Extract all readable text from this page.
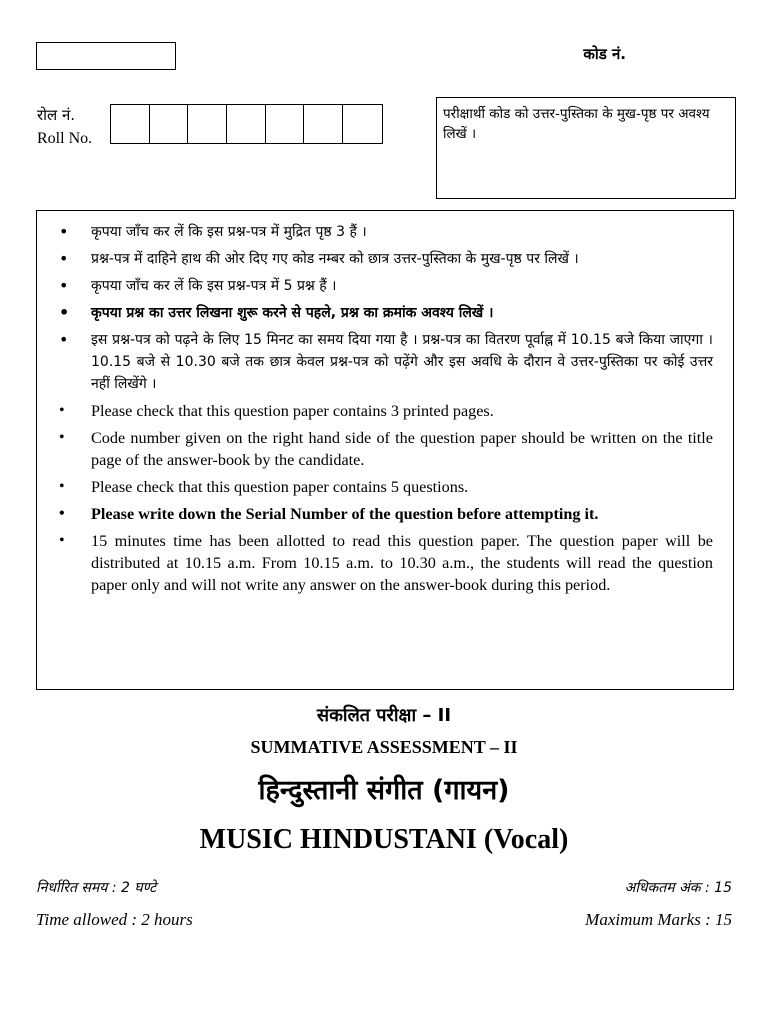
कोड नं.
रोल नं.
Roll No.
परीक्षार्थी कोड को उत्तर-पुस्तिका के मुख-पृष्ठ पर अवश्य लिखें ।
• कृपया जाँच कर लें कि इस प्रश्न-पत्र में मुद्रित पृष्ठ 3 हैं ।
• प्रश्न-पत्र में दाहिने हाथ की ओर दिए गए कोड नम्बर को छात्र उत्तर-पुस्तिका के मुख-पृष्ठ पर लिखें ।
• कृपया जाँच कर लें कि इस प्रश्न-पत्र में 5 प्रश्न हैं ।
• कृपया प्रश्न का उत्तर लिखना शुरू करने से पहले, प्रश्न का क्रमांक अवश्य लिखें ।
• इस प्रश्न-पत्र को पढ़ने के लिए 15 मिनट का समय दिया गया है । प्रश्न-पत्र का वितरण पूर्वाह्न में 10.15 बजे किया जाएगा । 10.15 बजे से 10.30 बजे तक छात्र केवल प्रश्न-पत्र को पढ़ेंगे और इस अवधि के दौरान वे उत्तर-पुस्तिका पर कोई उत्तर नहीं लिखेंगे ।
• Please check that this question paper contains 3 printed pages.
• Code number given on the right hand side of the question paper should be written on the title page of the answer-book by the candidate.
• Please check that this question paper contains 5 questions.
• Please write down the Serial Number of the question before attempting it.
• 15 minutes time has been allotted to read this question paper. The question paper will be distributed at 10.15 a.m. From 10.15 a.m. to 10.30 a.m., the students will read the question paper only and will not write any answer on the answer-book during this period.
संकलित परीक्षा – II
SUMMATIVE ASSESSMENT – II
हिन्दुस्तानी संगीत (गायन)
MUSIC HINDUSTANI (Vocal)
निर्धारित समय : 2 घण्टे	अधिकतम अंक : 15
Time allowed : 2 hours	Maximum Marks : 15
